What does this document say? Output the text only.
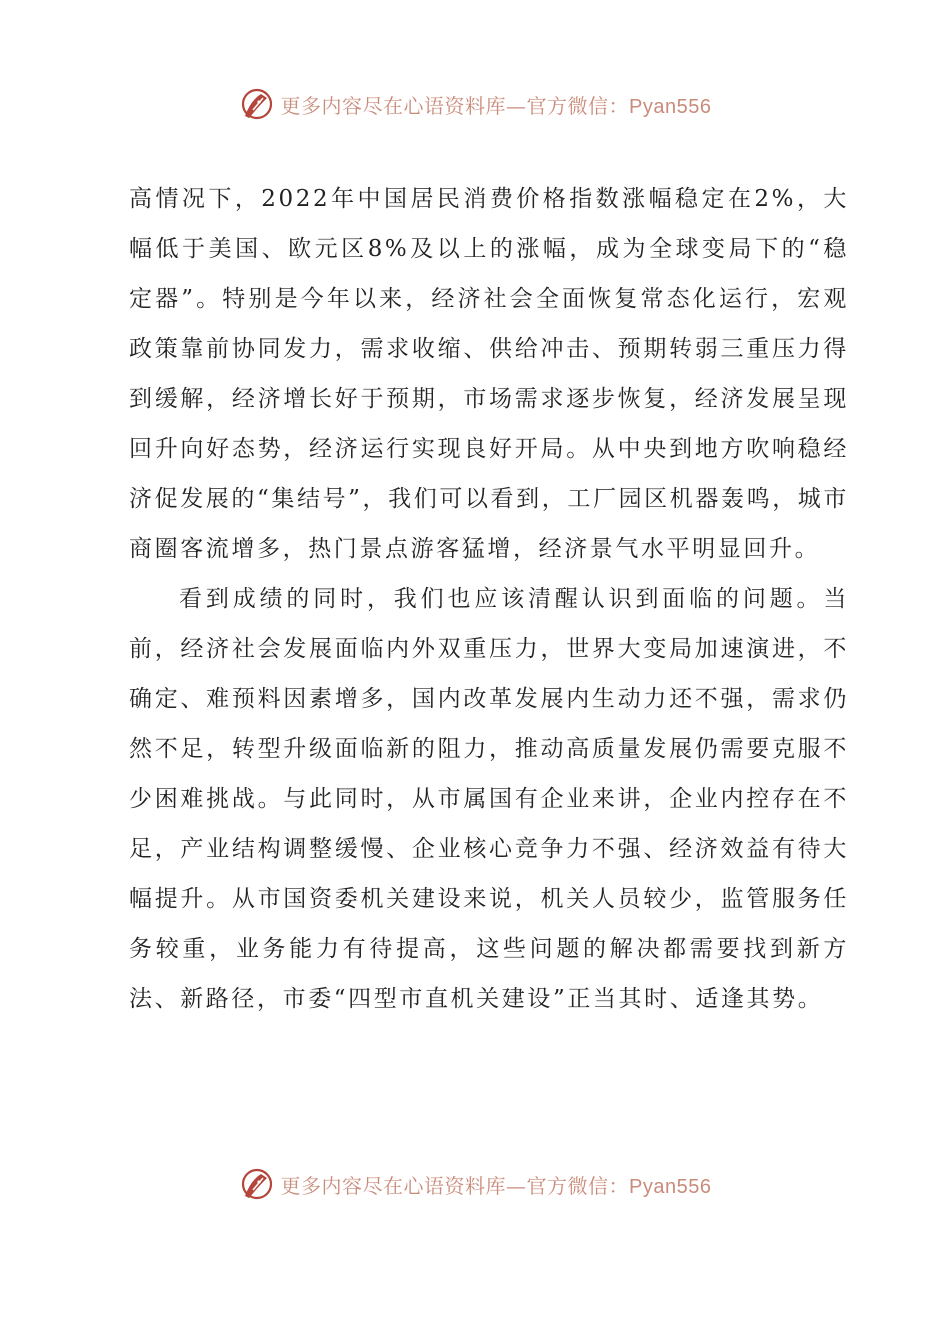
更多内容尽在心语资料库—官方微信：Pyan556

高情况下，2022年中国居民消费价格指数涨幅稳定在2%，大幅低于美国、欧元区8%及以上的涨幅，成为全球变局下的“稳定器”。特别是今年以来，经济社会全面恢复常态化运行，宏观政策靠前协同发力，需求收缩、供给冲击、预期转弱三重压力得到缓解，经济增长好于预期，市场需求逐步恢复，经济发展呈现回升向好态势，经济运行实现良好开局。从中央到地方吹响稳经济促发展的“集结号”，我们可以看到，工厂园区机器轰鸣，城市商圈客流增多，热门景点游客猛增，经济景气水平明显回升。

看到成绩的同时，我们也应该清醒认识到面临的问题。当前，经济社会发展面临内外双重压力，世界大变局加速演进，不确定、难预料因素增多，国内改革发展内生动力还不强，需求仍然不足，转型升级面临新的阻力，推动高质量发展仍需要克服不少困难挑战。与此同时，从市属国有企业来讲，企业内控存在不足，产业结构调整缓慢、企业核心竞争力不强、经济效益有待大幅提升。从市国资委机关建设来说，机关人员较少，监管服务任务较重，业务能力有待提高，这些问题的解决都需要找到新方法、新路径，市委“四型市直机关建设”正当其时、适逢其势。

更多内容尽在心语资料库—官方微信：Pyan556
